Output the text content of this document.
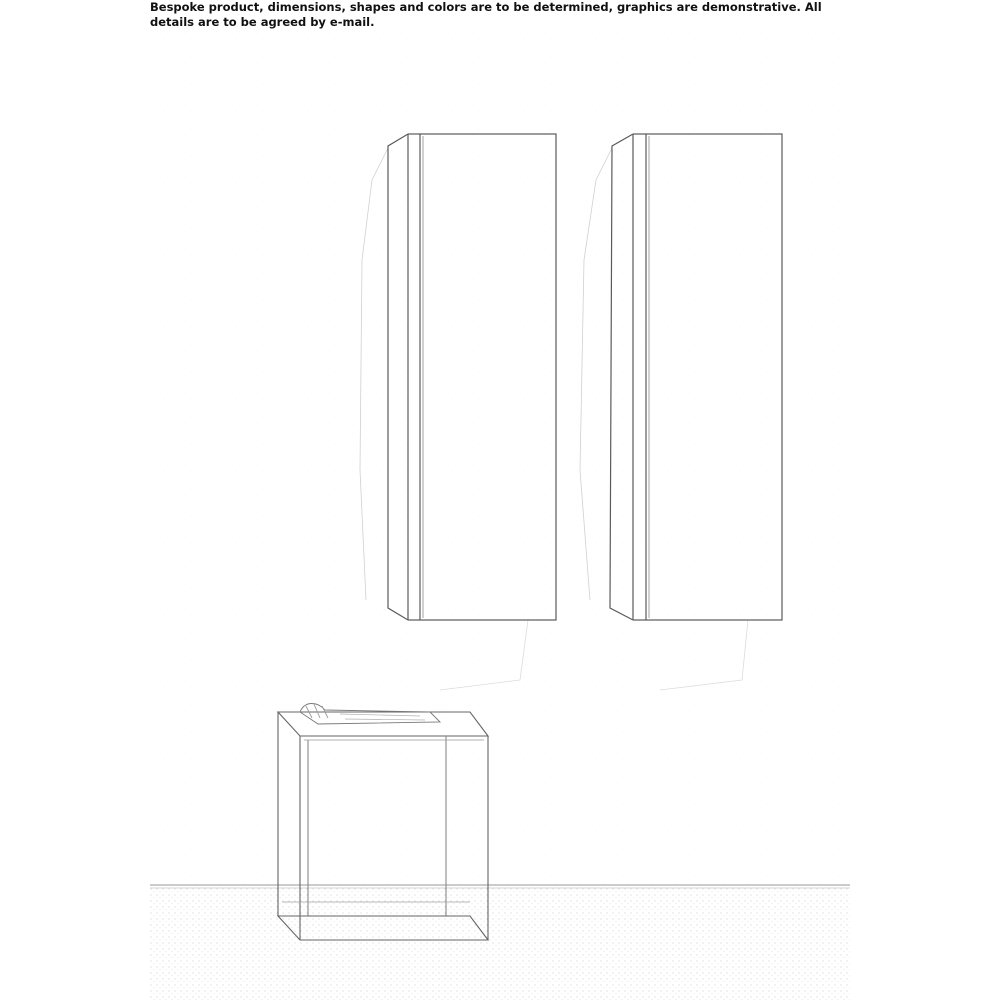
Bespoke product, dimensions, shapes and colors are to be determined, graphics are demonstrative. All details are to be agreed by e-mail.
